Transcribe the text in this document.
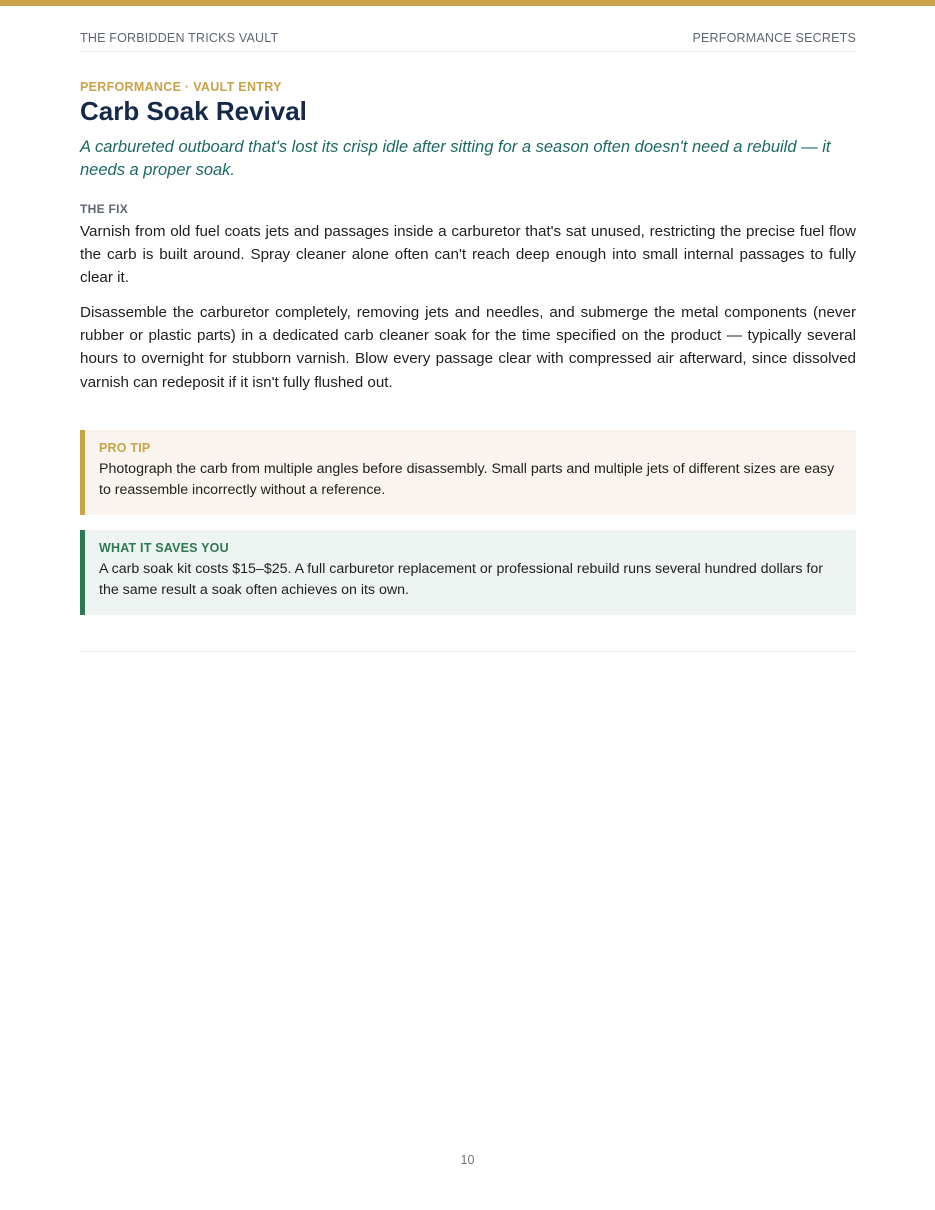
THE FORBIDDEN TRICKS VAULT	PERFORMANCE SECRETS
PERFORMANCE · VAULT ENTRY
Carb Soak Revival

A carbureted outboard that's lost its crisp idle after sitting for a season often doesn't need a rebuild — it needs a proper soak.

THE FIX

Varnish from old fuel coats jets and passages inside a carburetor that's sat unused, restricting the precise fuel flow the carb is built around. Spray cleaner alone often can't reach deep enough into small internal passages to fully clear it.

Disassemble the carburetor completely, removing jets and needles, and submerge the metal components (never rubber or plastic parts) in a dedicated carb cleaner soak for the time specified on the product — typically several hours to overnight for stubborn varnish. Blow every passage clear with compressed air afterward, since dissolved varnish can redeposit if it isn't fully flushed out.

PRO TIP
Photograph the carb from multiple angles before disassembly. Small parts and multiple jets of different sizes are easy to reassemble incorrectly without a reference.
WHAT IT SAVES YOU
A carb soak kit costs $15–$25. A full carburetor replacement or professional rebuild runs several hundred dollars for the same result a soak often achieves on its own.
10
